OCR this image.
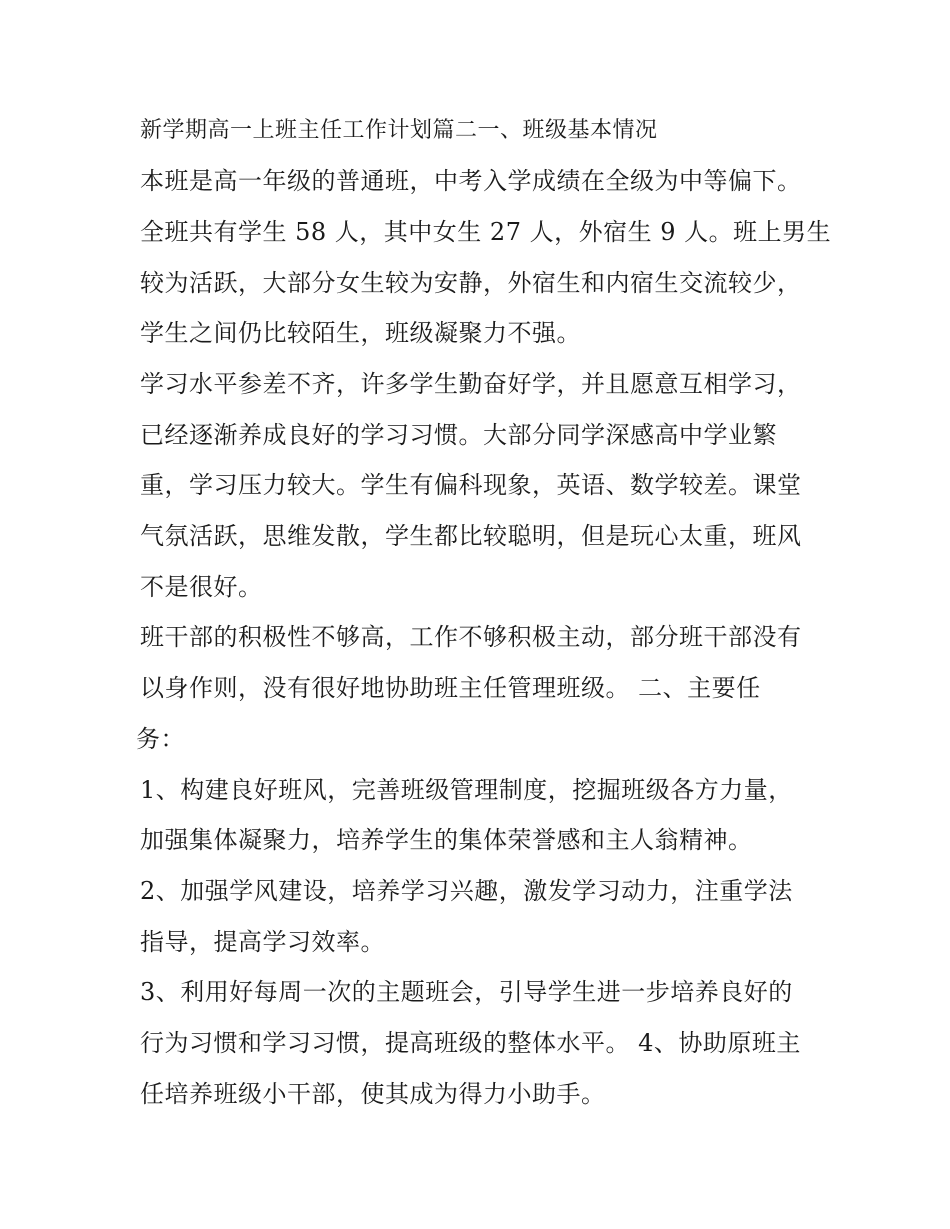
新学期高一上班主任工作计划篇二一、班级基本情况
本班是高一年级的普通班，中考入学成绩在全级为中等偏下。
全班共有学生 58 人，其中女生 27 人，外宿生 9 人。班上男生
较为活跃，大部分女生较为安静，外宿生和内宿生交流较少，
学生之间仍比较陌生，班级凝聚力不强。
学习水平参差不齐，许多学生勤奋好学，并且愿意互相学习，
已经逐渐养成良好的学习习惯。大部分同学深感高中学业繁
重，学习压力较大。学生有偏科现象，英语、数学较差。课堂
气氛活跃，思维发散，学生都比较聪明，但是玩心太重，班风
不是很好。
班干部的积极性不够高，工作不够积极主动，部分班干部没有
以身作则，没有很好地协助班主任管理班级。 二、主要任
务：
1、构建良好班风，完善班级管理制度，挖掘班级各方力量，
加强集体凝聚力，培养学生的集体荣誉感和主人翁精神。
2、加强学风建设，培养学习兴趣，激发学习动力，注重学法
指导，提高学习效率。
3、利用好每周一次的主题班会，引导学生进一步培养良好的
行为习惯和学习习惯，提高班级的整体水平。 4、协助原班主
任培养班级小干部，使其成为得力小助手。
